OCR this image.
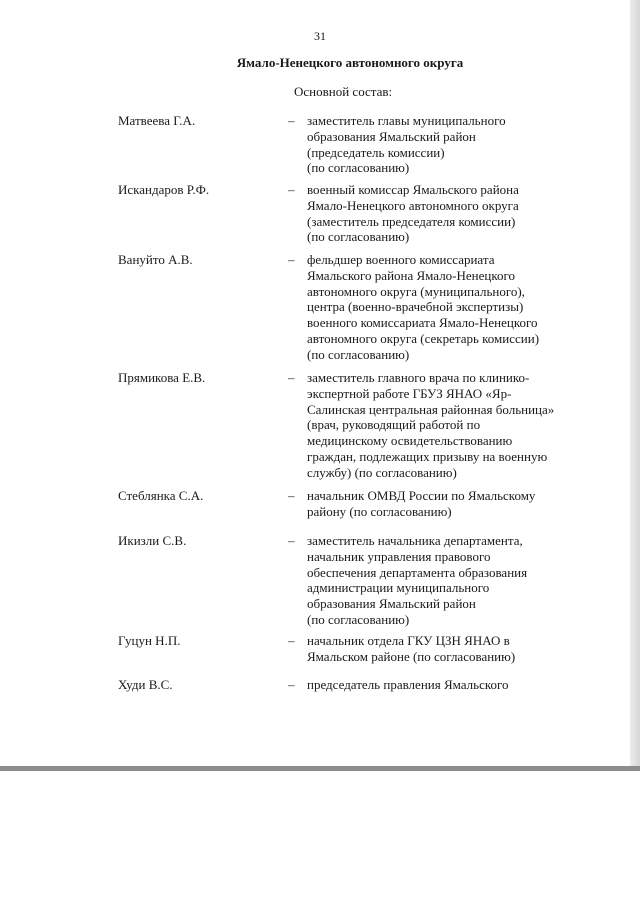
31
Ямало-Ненецкого автономного округа
Основной состав:
Матвеева Г.А.	– заместитель главы муниципального
образования Ямальский район
(председатель комиссии)
(по согласованию)
Искандаров Р.Ф.	– военный комиссар Ямальского района
Ямало-Ненецкого автономного округа
(заместитель председателя комиссии)
(по согласованию)
Вануйто А.В.	– фельдшер военного комиссариата
Ямальского района Ямало-Ненецкого
автономного округа (муниципального),
центра (военно-врачебной экспертизы)
военного комиссариата Ямало-Ненецкого
автономного округа (секретарь комиссии)
(по согласованию)
Прямикова Е.В.	– заместитель главного врача по клинико-
экспертной работе ГБУЗ ЯНАО «Яр-
Салинская центральная районная больница»
(врач, руководящий работой по
медицинскому освидетельствованию
граждан, подлежащих призыву на военную
службу) (по согласованию)
Стеблянка С.А.	– начальник ОМВД России по Ямальскому
району (по согласованию)
Икизли С.В.	– заместитель начальника департамента,
начальник управления правового
обеспечения департамента образования
администрации муниципального
образования Ямальский район
(по согласованию)
Гуцун Н.П.	– начальник отдела ГКУ ЦЗН ЯНАО в
Ямальском районе (по согласованию)
Худи В.С.	– председатель правления Ямальского
